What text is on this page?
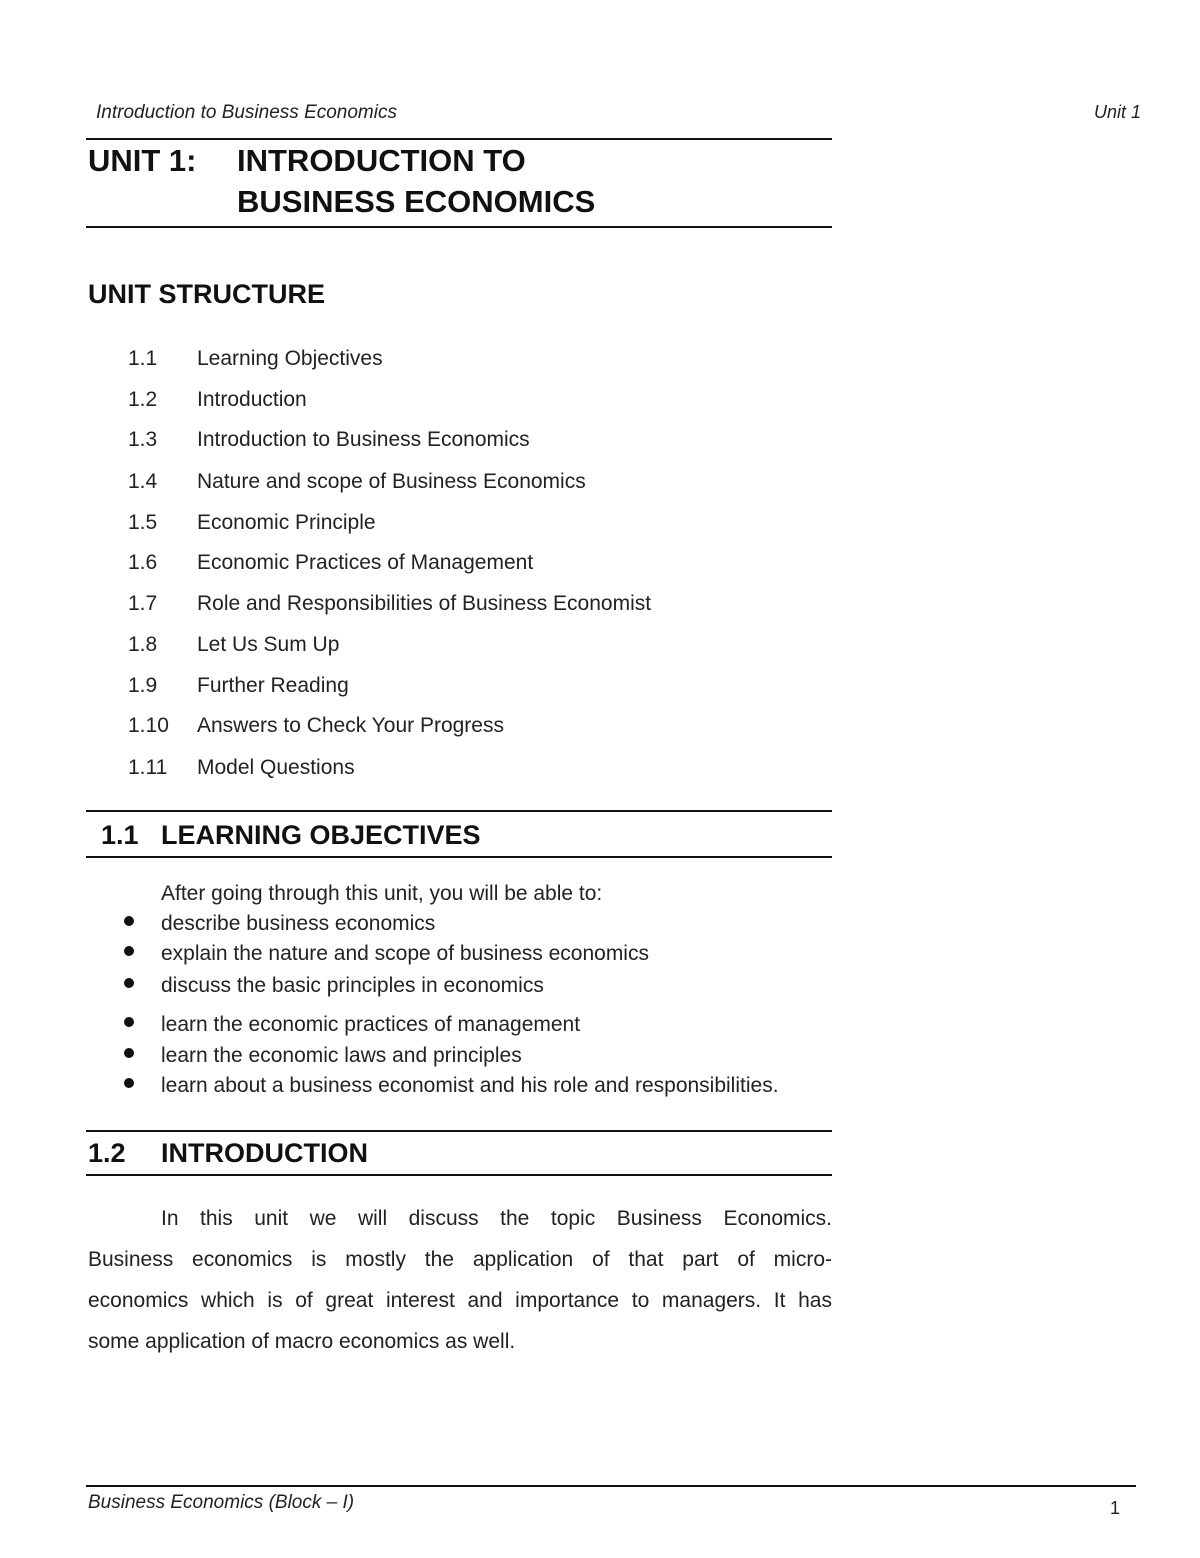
Introduction to Business Economics	Unit 1
UNIT 1: INTRODUCTION TO
BUSINESS ECONOMICS
UNIT STRUCTURE
1.1 Learning Objectives
1.2 Introduction
1.3 Introduction to Business Economics
1.4 Nature and scope of Business Economics
1.5 Economic Principle
1.6 Economic Practices of Management
1.7 Role and Responsibilities of Business Economist
1.8 Let Us Sum Up
1.9 Further Reading
1.10 Answers to Check Your Progress
1.11 Model Questions
1.1 LEARNING OBJECTIVES
After going through this unit, you will be able to:
describe business economics
explain the nature and scope of business economics
discuss the basic principles in economics
learn the economic practices of management
learn the economic laws and principles
learn about a business economist and his role and responsibilities.
1.2 INTRODUCTION
In this unit we will discuss the topic Business Economics.
Business economics is mostly the application of that part of micro-
economics which is of great interest and importance to managers. It has
some application of macro economics as well.
Business Economics (Block – I)	1
